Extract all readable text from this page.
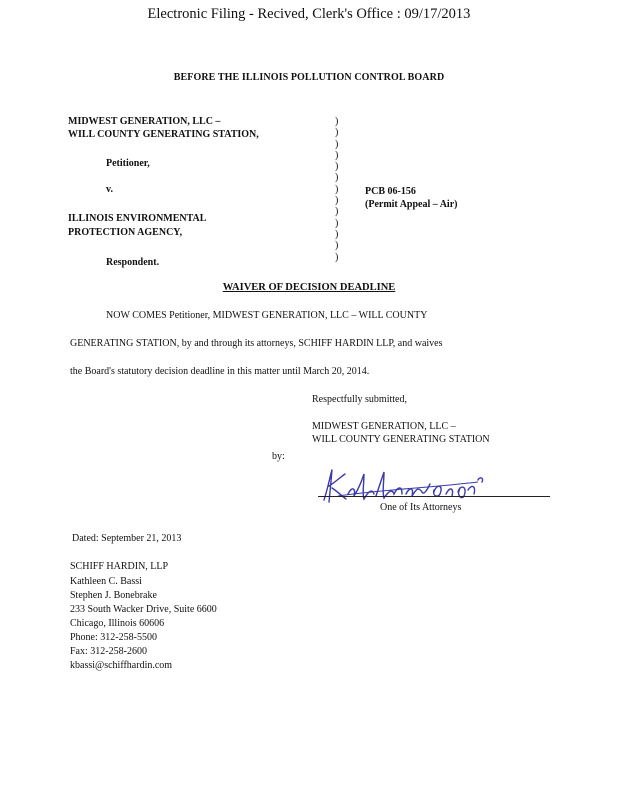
Electronic Filing - Recived, Clerk's Office : 09/17/2013
BEFORE THE ILLINOIS POLLUTION CONTROL BOARD
MIDWEST GENERATION, LLC –
WILL COUNTY GENERATING STATION,
Petitioner,
v.
ILLINOIS ENVIRONMENTAL
PROTECTION AGENCY,
Respondent.
)
)
)
)
)
)
)
)
)
)
)
)
)
PCB 06-156
(Permit Appeal – Air)
WAIVER OF DECISION DEADLINE
NOW COMES Petitioner, MIDWEST GENERATION, LLC – WILL COUNTY
GENERATING STATION, by and through its attorneys, SCHIFF HARDIN LLP, and waives
the Board's statutory decision deadline in this matter until March 20, 2014.
Respectfully submitted,
MIDWEST GENERATION, LLC –
WILL COUNTY GENERATING STATION
by:
One of Its Attorneys
Dated: September 21, 2013
SCHIFF HARDIN, LLP
Kathleen C. Bassi
Stephen J. Bonebrake
233 South Wacker Drive, Suite 6600
Chicago, Illinois 60606
Phone: 312-258-5500
Fax: 312-258-2600
kbassi@schiffhardin.com
